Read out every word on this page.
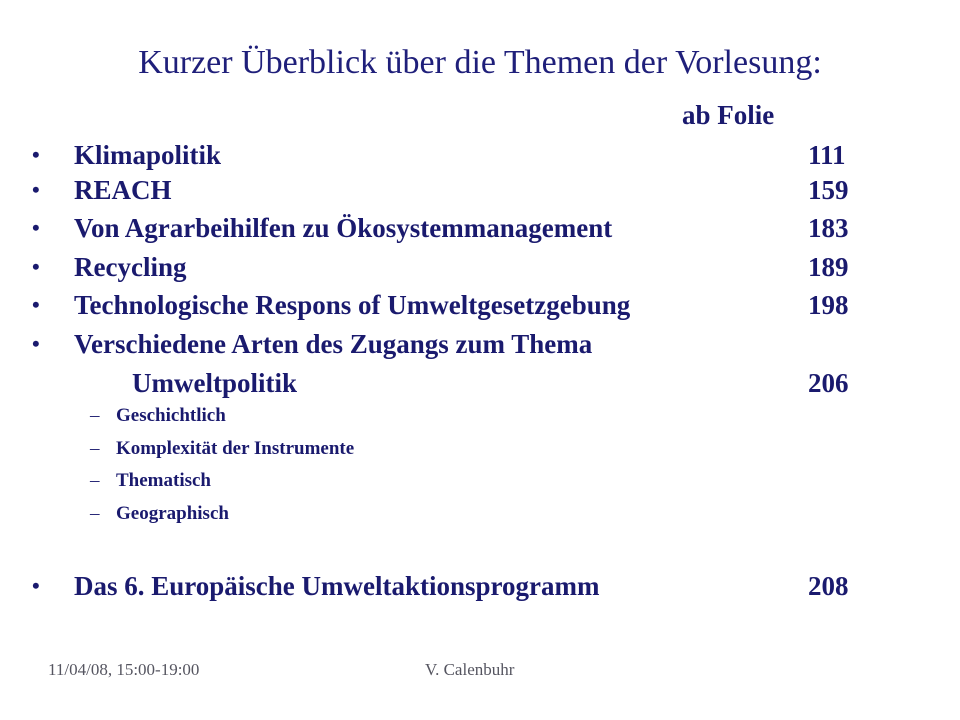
Kurzer Überblick über die Themen der Vorlesung:
ab Folie
• Klimapolitik	111
• REACH	159
• Von Agrarbeihilfen zu Ökosystemmanagement	183
• Recycling	189
• Technologische Respons of Umweltgesetzgebung	198
• Verschiedene Arten des Zugangs zum Thema
Umweltpolitik	206
– Geschichtlich
– Komplexität der Instrumente
– Thematisch
– Geographisch
• Das 6. Europäische Umweltaktionsprogramm	208
11/04/08, 15:00-19:00	V. Calenbuhr
